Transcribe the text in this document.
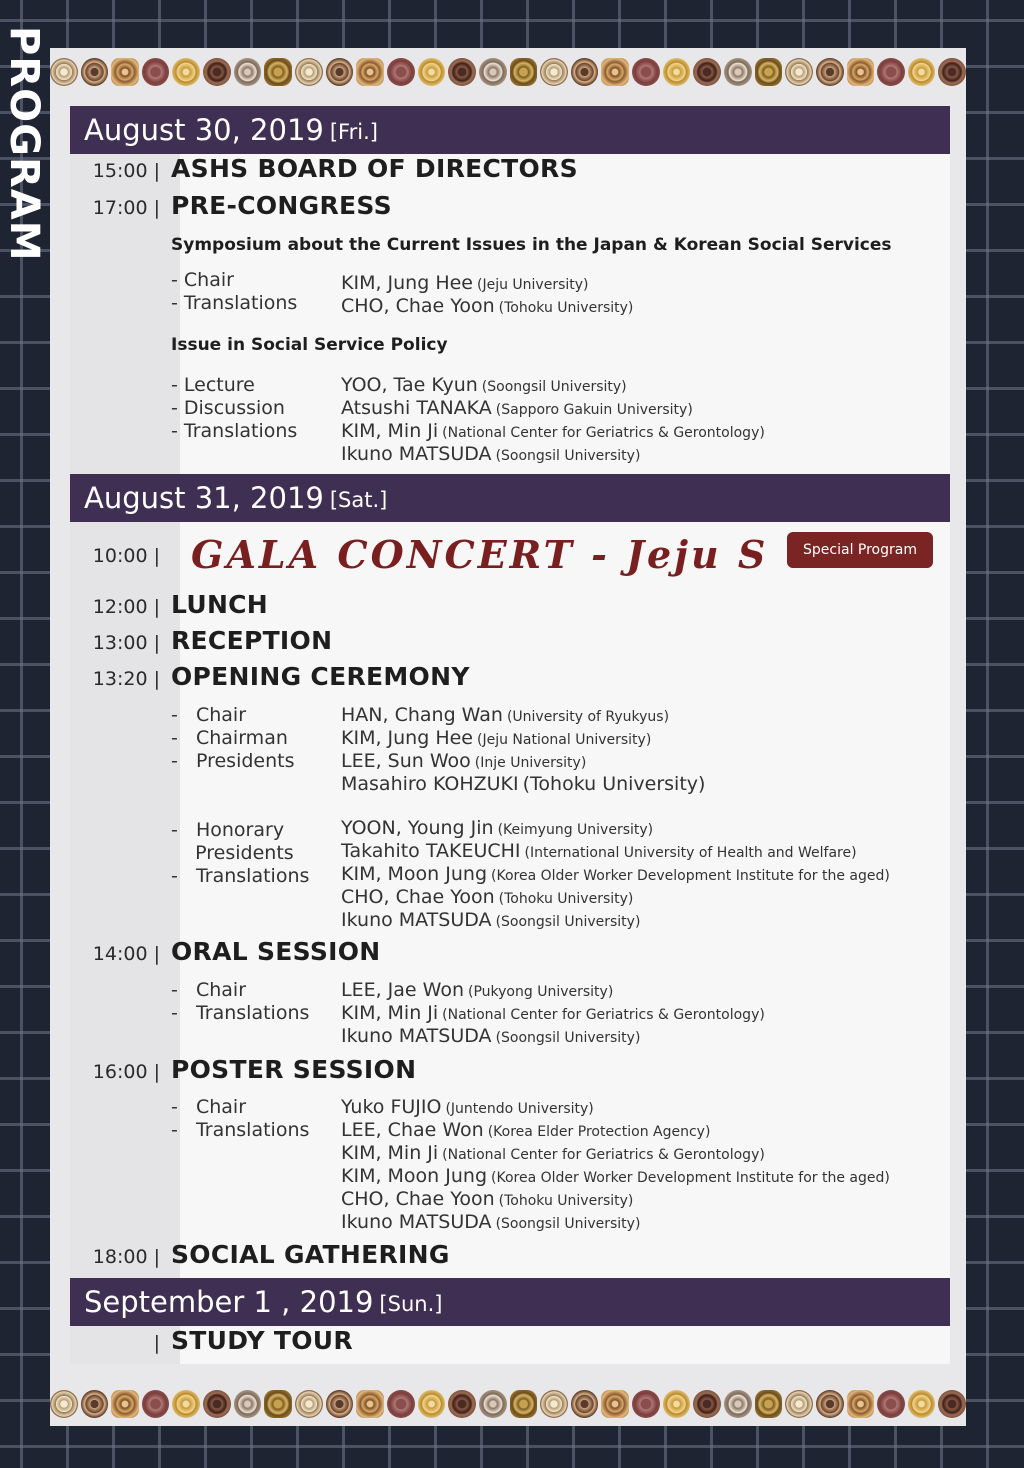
PROGRAM August 30, 2019 [Fri.]
15:00 | ASHS BOARD OF DIRECTORS
17:00 | PRE-CONGRESS
Symposium about the Current Issues in the Japan & Korean Social Services
- Chair
- Translations
KIM, Jung Hee (Jeju University)
CHO, Chae Yoon (Tohoku University)
Issue in Social Service Policy
- Lecture
- Discussion
- Translations
YOO, Tae Kyun (Soongsil University)
Atsushi TANAKA (Sapporo Gakuin University)
KIM, Min Ji (National Center for Geriatrics & Gerontology)
Ikuno MATSUDA (Soongsil University)
August 31, 2019 [Sat.]
10:00 | GALA CONCERT - Jeju S	Special Program
12:00 | LUNCH
13:00 | RECEPTION
13:20 | OPENING CEREMONY
-   Chair
-   Chairman
-   Presidents
HAN, Chang Wan (University of Ryukyus)
KIM, Jung Hee (Jeju National University)
LEE, Sun Woo (Inje University)
Masahiro KOHZUKI (Tohoku University)
-   Honorary
Presidents
-   Translations
YOON, Young Jin (Keimyung University)
Takahito TAKEUCHI (International University of Health and Welfare)
KIM, Moon Jung (Korea Older Worker Development Institute for the aged)
CHO, Chae Yoon (Tohoku University)
Ikuno MATSUDA (Soongsil University)
14:00 | ORAL SESSION
-   Chair
-   Translations
LEE, Jae Won (Pukyong University)
KIM, Min Ji (National Center for Geriatrics & Gerontology)
Ikuno MATSUDA (Soongsil University)
16:00 | POSTER SESSION
-   Chair
-   Translations
Yuko FUJIO (Juntendo University)
LEE, Chae Won (Korea Elder Protection Agency)
KIM, Min Ji (National Center for Geriatrics & Gerontology)
KIM, Moon Jung (Korea Older Worker Development Institute for the aged)
CHO, Chae Yoon (Tohoku University)
Ikuno MATSUDA (Soongsil University)
18:00 | SOCIAL GATHERING
September 1 , 2019 [Sun.]
| STUDY TOUR
